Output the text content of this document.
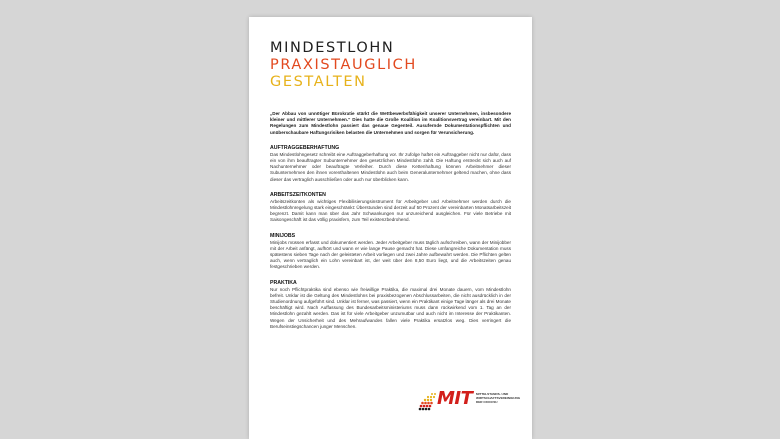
MINDESTLOHN
PRAXISTAUGLICH
GESTALTEN

„Der Abbau von unnötiger Bürokratie stärkt die Wettbewerbsfähigkeit unserer Unternehmen, insbesondere kleiner und mittlerer Unternehmen.“ Dies hatte die Große Koalition im Koalitionsvertrag vereinbart. Mit den Regelungen zum Mindestlohn passiert das genaue Gegenteil. Ausufernde Dokumentationspflichten und unüberschaubare Haftungsrisiken belasten die Unternehmen und sorgen für Verunsicherung.

AUFTRAGGEBERHAFTUNG

Das Mindestlohngesetz schreibt eine Auftraggeberhaftung vor. Ihr zufolge haftet ein Auftraggeber nicht nur dafür, dass ein von ihm beauftragter Subunternehmer den gesetzlichen Mindestlohn zahlt. Die Haftung erstreckt sich auch auf Nachunternehmer oder beauftragte Verleiher. Durch diese Kettenhaftung können Arbeitnehmer dieser Subunternehmen den ihnen vorenthaltenen Mindestlohn auch beim Generalunternehmer geltend machen, ohne dass dieser das vertraglich ausschließen oder auch nur überblicken kann.

ARBEITSZEITKONTEN

Arbeitszeitkonten als wichtiges Flexibilisierungsinstrument für Arbeitgeber und Arbeitnehmer werden durch die Mindestlohnregelung stark eingeschränkt: Überstunden sind derzeit auf 50 Prozent der vereinbarten Monatsarbeitszeit begrenzt. Damit kann man über das Jahr Schwankungen nur unzureichend ausgleichen. Für viele Betriebe mit Saisongeschäft ist das völlig praxisfern, zum Teil existenzbedrohend.

MINIJOBS

Minijobs müssen erfasst und dokumentiert werden. Jeder Arbeitgeber muss täglich aufschreiben, wann der Minijobber mit der Arbeit anfängt, aufhört und wann er wie lange Pause gemacht hat. Diese umfangreiche Dokumentation muss spätestens sieben Tage nach der geleisteten Arbeit vorliegen und zwei Jahre aufbewahrt werden. Die Pflichten gelten auch, wenn vertraglich ein Lohn vereinbart ist, der weit über den 8,50 Euro liegt, und die Arbeitszeiten genau festgeschrieben werden.

PRAKTIKA

Nur noch Pflichtpraktika sind ebenso wie freiwillige Praktika, die maximal drei Monate dauern, vom Mindestlohn befreit. Unklar ist die Geltung des Mindestlohns bei praxisbezogenen Abschlussarbeiten, die nicht ausdrücklich in der Studienordnung aufgeführt sind. Unklar ist ferner, was passiert, wenn ein Praktikant einige Tage länger als drei Monate beschäftigt wird. Nach Auffassung des Bundesarbeitsministeriums muss dann rückwirkend vom 1. Tag an der Mindestlohn gezahlt werden. Das ist für viele Arbeitgeber unzumutbar und auch nicht im Interesse der Praktikanten. Wegen der Unsicherheit und des Mehraufwandes fallen viele Praktika ersatzlos weg. Dies verringert die Berufseinstiegschancen junger Menschen.

MIT MITTELSTANDS- UND
WIRTSCHAFTSVEREINIGUNG
DER CDU/CSU
